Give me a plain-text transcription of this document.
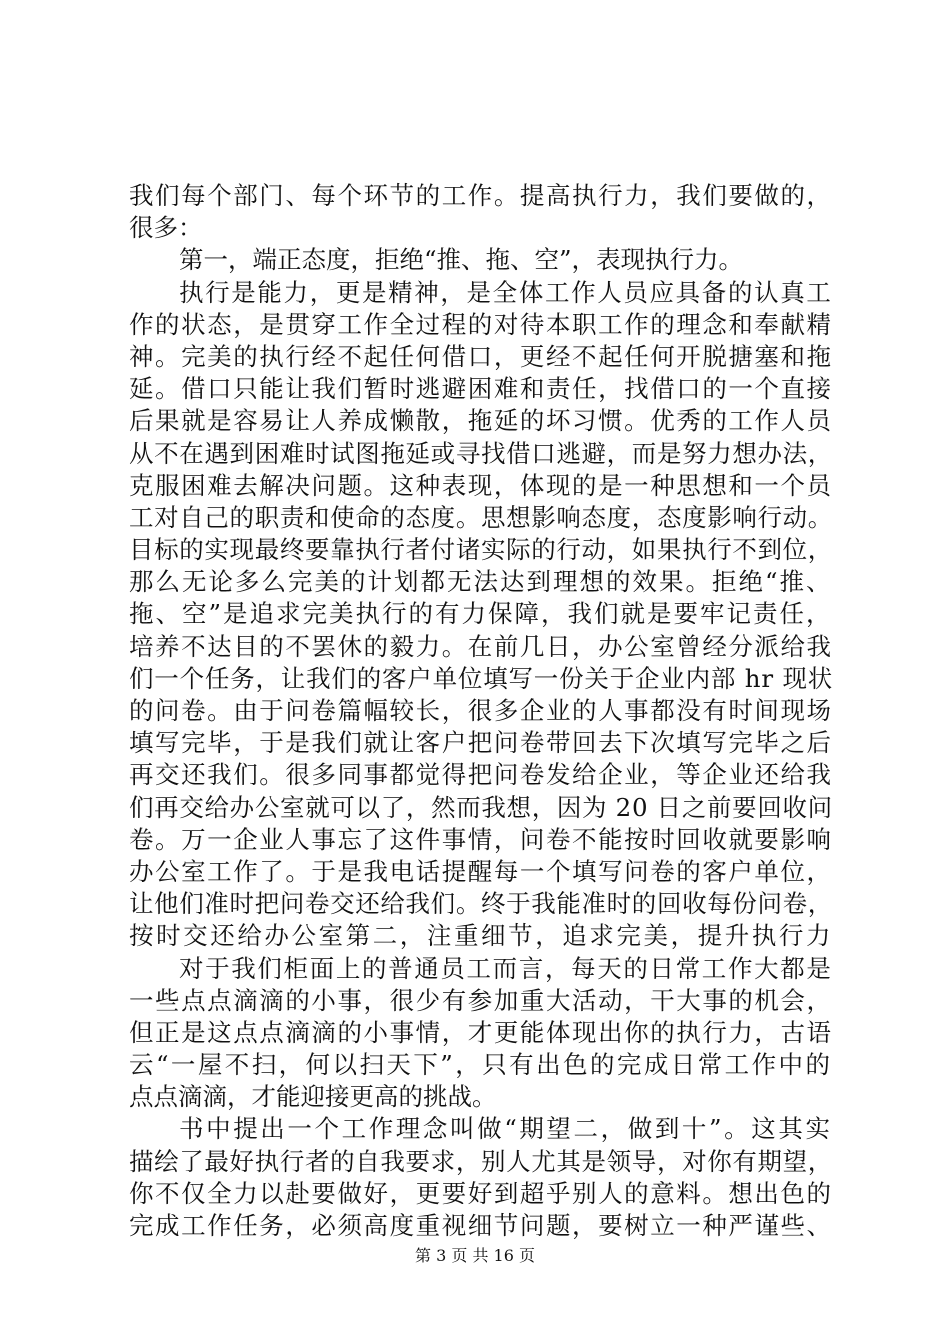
我们每个部门、每个环节的工作。提高执行力，我们要做的，
很多：
第一，端正态度，拒绝“推、拖、空”，表现执行力。
执行是能力，更是精神，是全体工作人员应具备的认真工
作的状态，是贯穿工作全过程的对待本职工作的理念和奉献精
神。完美的执行经不起任何借口，更经不起任何开脱搪塞和拖
延。借口只能让我们暂时逃避困难和责任，找借口的一个直接
后果就是容易让人养成懒散，拖延的坏习惯。优秀的工作人员
从不在遇到困难时试图拖延或寻找借口逃避，而是努力想办法，
克服困难去解决问题。这种表现，体现的是一种思想和一个员
工对自己的职责和使命的态度。思想影响态度，态度影响行动。
目标的实现最终要靠执行者付诸实际的行动，如果执行不到位，
那么无论多么完美的计划都无法达到理想的效果。拒绝“推、
拖、空”是追求完美执行的有力保障，我们就是要牢记责任，
培养不达目的不罢休的毅力。在前几日，办公室曾经分派给我
们一个任务，让我们的客户单位填写一份关于企业内部 hr 现状
的问卷。由于问卷篇幅较长，很多企业的人事都没有时间现场
填写完毕，于是我们就让客户把问卷带回去下次填写完毕之后
再交还我们。很多同事都觉得把问卷发给企业，等企业还给我
们再交给办公室就可以了，然而我想，因为 20 日之前要回收问
卷。万一企业人事忘了这件事情，问卷不能按时回收就要影响
办公室工作了。于是我电话提醒每一个填写问卷的客户单位，
让他们准时把问卷交还给我们。终于我能准时的回收每份问卷，
按时交还给办公室第二，注重细节，追求完美，提升执行力
对于我们柜面上的普通员工而言，每天的日常工作大都是
一些点点滴滴的小事，很少有参加重大活动，干大事的机会，
但正是这点点滴滴的小事情，才更能体现出你的执行力，古语
云“一屋不扫，何以扫天下”，只有出色的完成日常工作中的
点点滴滴，才能迎接更高的挑战。
书中提出一个工作理念叫做“期望二，做到十”。这其实
描绘了最好执行者的自我要求，别人尤其是领导，对你有期望，
你不仅全力以赴要做好，更要好到超乎别人的意料。想出色的
完成工作任务，必须高度重视细节问题，要树立一种严谨些、
第 3 页 共 16 页
